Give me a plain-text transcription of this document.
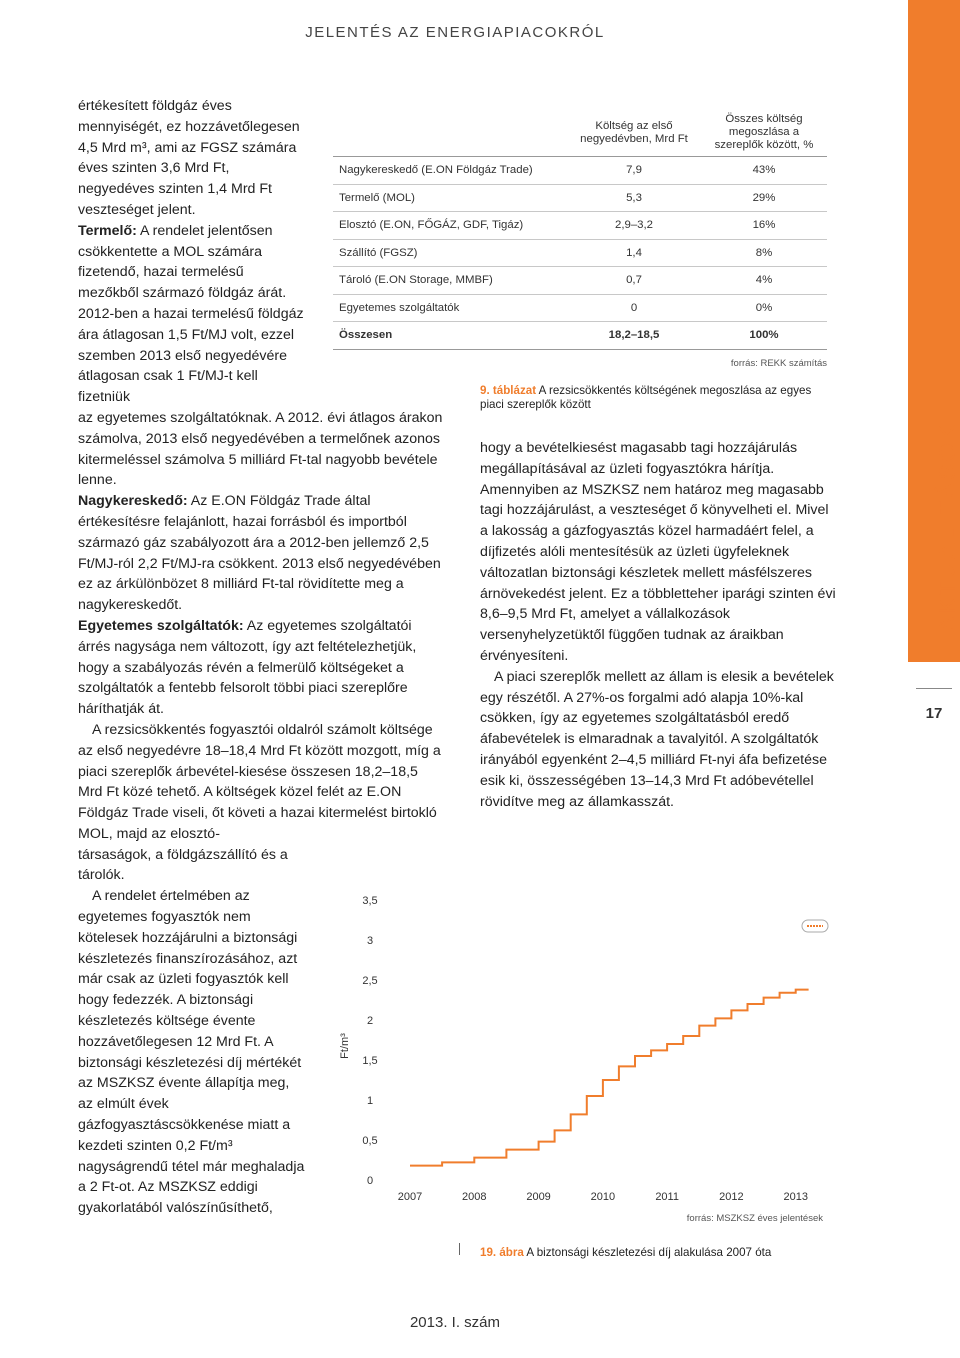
JELENTÉS AZ ENERGIAPIACOKRÓL
AKTUALITÁSOK
17

értékesített földgáz éves mennyiségét, ez hozzávetőlegesen 4,5 Mrd m³, ami az FGSZ számára éves szinten 3,6 Mrd Ft, negyedéves szinten 1,4 Mrd Ft veszteséget jelent.

Termelő: A rendelet jelentősen csökkentette a MOL számára fizetendő, hazai termelésű mezőkből származó földgáz árát. 2012-ben a hazai termelésű földgáz ára átlagosan 1,5 Ft/MJ volt, ezzel szemben 2013 első negyedévére átlagosan csak 1 Ft/MJ-t kell fizetniük

az egyetemes szolgáltatóknak. A 2012. évi átlagos árakon számolva, 2013 első negyedévében a termelőnek azonos kitermeléssel számolva 5 milliárd Ft-tal nagyobb bevétele lenne.

Nagykereskedő: Az E.ON Földgáz Trade által értékesítésre felajánlott, hazai forrásból és importból származó gáz szabályozott ára a 2012-ben jellemző 2,5 Ft/MJ-ról 2,2 Ft/MJ-ra csökkent. 2013 első negyedévében ez az árkülönbözet 8 milliárd Ft-tal rövidítette meg a nagykereskedőt.

Egyetemes szolgáltatók: Az egyetemes szolgáltatói árrés nagysága nem változott, így azt feltételezhetjük, hogy a szabályozás révén a felmerülő költségeket a szolgáltatók a fentebb felsorolt többi piaci szereplőre háríthatják át.

A rezsicsökkentés fogyasztói oldalról számolt költsége az első negyedévre 18–18,4 Mrd Ft között mozgott, míg a piaci szereplők árbevétel-kiesése összesen 18,2–18,5 Mrd Ft közé tehető. A költségek közel felét az E.ON Földgáz Trade viseli, őt követi a hazai kitermelést birtokló MOL, majd az elosztó-

társaságok, a földgázszállító és a tárolók.

A rendelet értelmében az egyetemes fogyasztók nem kötelesek hozzájárulni a biztonsági készletezés finanszírozásához, azt már csak az üzleti fogyasztók kell hogy fedezzék. A biztonsági készletezés költsége évente hozzávetőlegesen 12 Mrd Ft. A biztonsági készletezési díj mértékét az MSZKSZ évente állapítja meg, az elmúlt évek gázfogyasztáscsökkenése miatt a kezdeti szinten 0,2 Ft/m³ nagyságrendű tétel már meghaladja a 2 Ft-ot. Az MSZKSZ eddigi gyakorlatából valószínűsíthető,

	Költség az első negyedévben, Mrd Ft	Összes költség megoszlása a szereplők között, %
Nagykereskedő (E.ON Földgáz Trade)	7,9	43%
Termelő (MOL)	5,3	29%
Elosztó (E.ON, FŐGÁZ, GDF, Tigáz)	2,9–3,2	16%
Szállító (FGSZ)	1,4	8%
Tároló (E.ON Storage, MMBF)	0,7	4%
Egyetemes szolgáltatók	0	0%
Összesen	18,2–18,5	100%
forrás: REKK számítás
9. táblázat A rezsicsökkentés költségének megoszlása az egyes piaci szereplők között

hogy a bevételkiesést magasabb tagi hozzájárulás megállapításával az üzleti fogyasztókra hárítja. Amennyiben az MSZKSZ nem határoz meg magasabb tagi hozzájárulást, a veszteséget ő könyvelheti el. Mivel a lakosság a gázfogyasztás közel harmadáért felel, a díjfizetés alóli mentesítésük az üzleti ügyfeleknek változatlan biztonsági készletek mellett másfélszeres árnövekedést jelent. Ez a többletteher iparági szinten évi 8,6–9,5 Mrd Ft, amelyet a vállalkozások versenyhelyzetüktől függően tudnak az áraikban érvényesíteni.

A piaci szereplők mellett az állam is elesik a bevételek egy részétől. A 27%-os forgalmi adó alapja 10%-kal csökken, így az egyetemes szolgáltatásból eredő áfabevételek is elmaradnak a tavalyitól. A szolgáltatók irányából egyenként 2–4,5 milliárd Ft-nyi áfa befizetése esik ki, összességében 13–14,3 Mrd Ft adóbevétellel rövidítve meg az államkasszát.

Ft/m³
0
0,5
1
1,5
2
2,5
3
3,5
2007	2008	2009	2010	2011	2012	2013
forrás: MSZKSZ éves jelentések
19. ábra A biztonsági készletezési díj alakulása 2007 óta
2013. I. szám
